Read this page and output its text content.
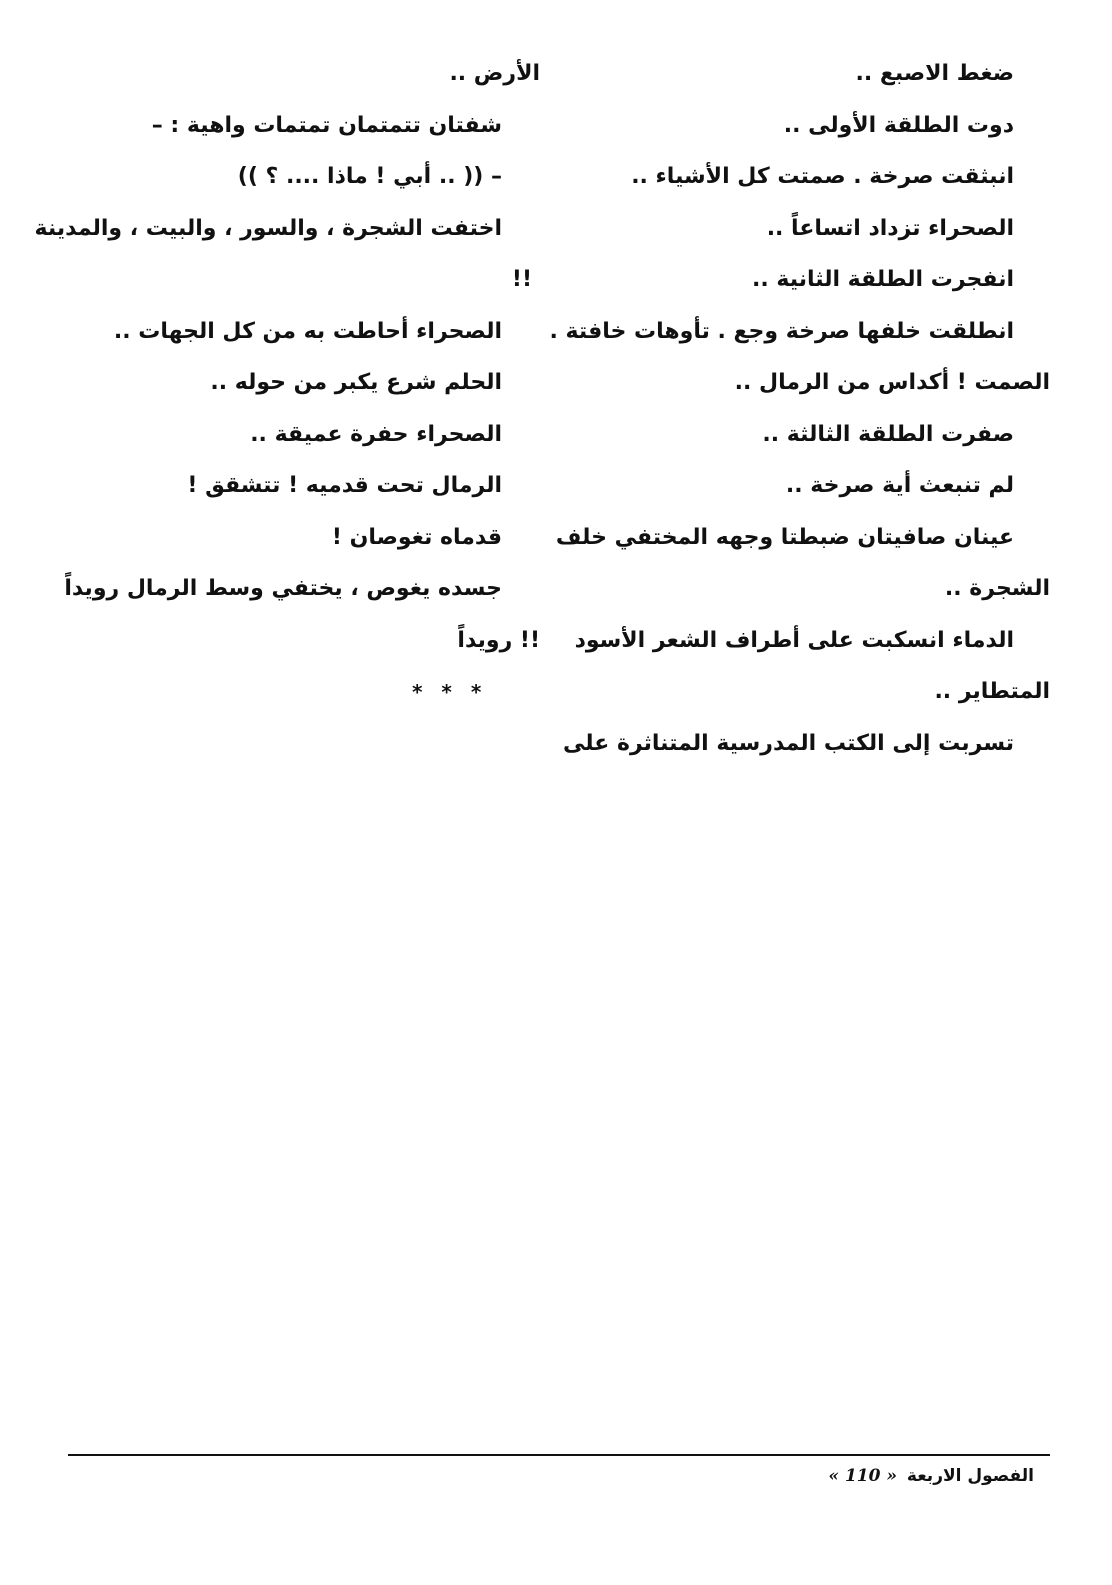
ضغط الاصبع ..
دوت الطلقة الأولى ..
انبثقت صرخة . صمتت كل الأشياء ..
الصحراء تزداد اتساعاً ..
انفجرت الطلقة الثانية ..
انطلقت خلفها صرخة وجع . تأوهات خافتة .
الصمت ! أكداس من الرمال ..
صفرت الطلقة الثالثة ..
لم تنبعث أية صرخة ..
عينان صافيتان ضبطتا وجهه المختفي خلف
الشجرة ..
الدماء انسكبت على أطراف الشعر الأسود
المتطاير ..
تسربت إلى الكتب المدرسية المتناثرة على
الأرض ..
شفتان تتمتمان تمتمات واهية : –
– (( .. أبي ! ماذا .... ؟ ))
اختفت الشجرة ، والسور ، والبيت ، والمدينة
!!
الصحراء أحاطت به من كل الجهات ..
الحلم شرع يكبر من حوله ..
الصحراء حفرة عميقة ..
الرمال تحت قدميه ! تتشقق !
قدماه تغوصان !
جسده يغوص ، يختفي وسط الرمال رويداً
!! رويداً
* * *
الفصول الاربعة « 110 »
